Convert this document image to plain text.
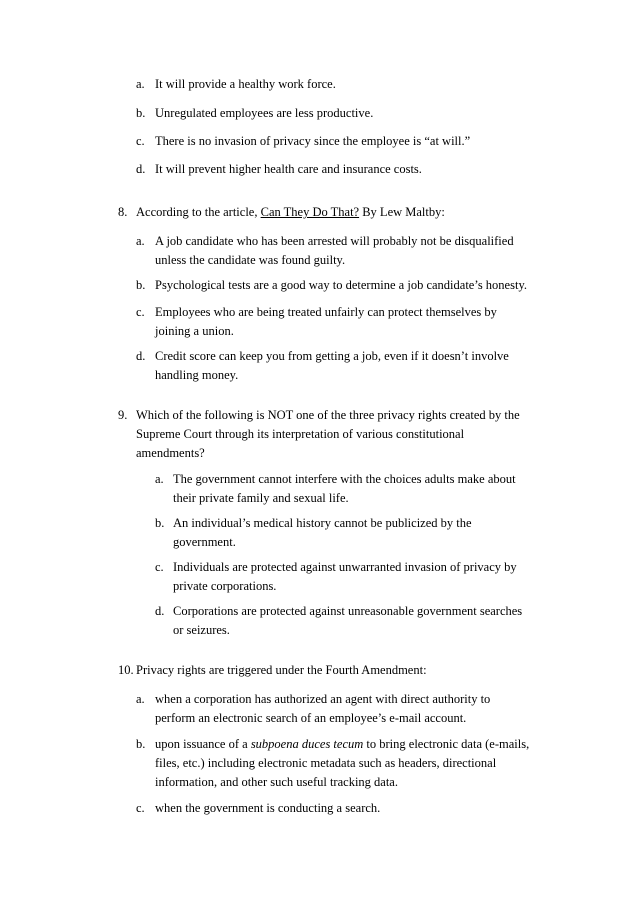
a. It will provide a healthy work force.
b. Unregulated employees are less productive.
c. There is no invasion of privacy since the employee is “at will.”
d. It will prevent higher health care and insurance costs.
8. According to the article, Can They Do That? By Lew Maltby:
a. A job candidate who has been arrested will probably not be disqualified
unless the candidate was found guilty.
b. Psychological tests are a good way to determine a job candidate’s honesty.
c. Employees who are being treated unfairly can protect themselves by
joining a union.
d. Credit score can keep you from getting a job, even if it doesn’t involve
handling money.
9. Which of the following is NOT one of the three privacy rights created by the
Supreme Court through its interpretation of various constitutional
amendments?
a. The government cannot interfere with the choices adults make about
their private family and sexual life.
b. An individual’s medical history cannot be publicized by the
government.
c. Individuals are protected against unwarranted invasion of privacy by
private corporations.
d. Corporations are protected against unreasonable government searches
or seizures.
10. Privacy rights are triggered under the Fourth Amendment:
a. when a corporation has authorized an agent with direct authority to
perform an electronic search of an employee’s e-mail account.
b. upon issuance of a subpoena duces tecum to bring electronic data (e-mails,
files, etc.) including electronic metadata such as headers, directional
information, and other such useful tracking data.
c. when the government is conducting a search.
